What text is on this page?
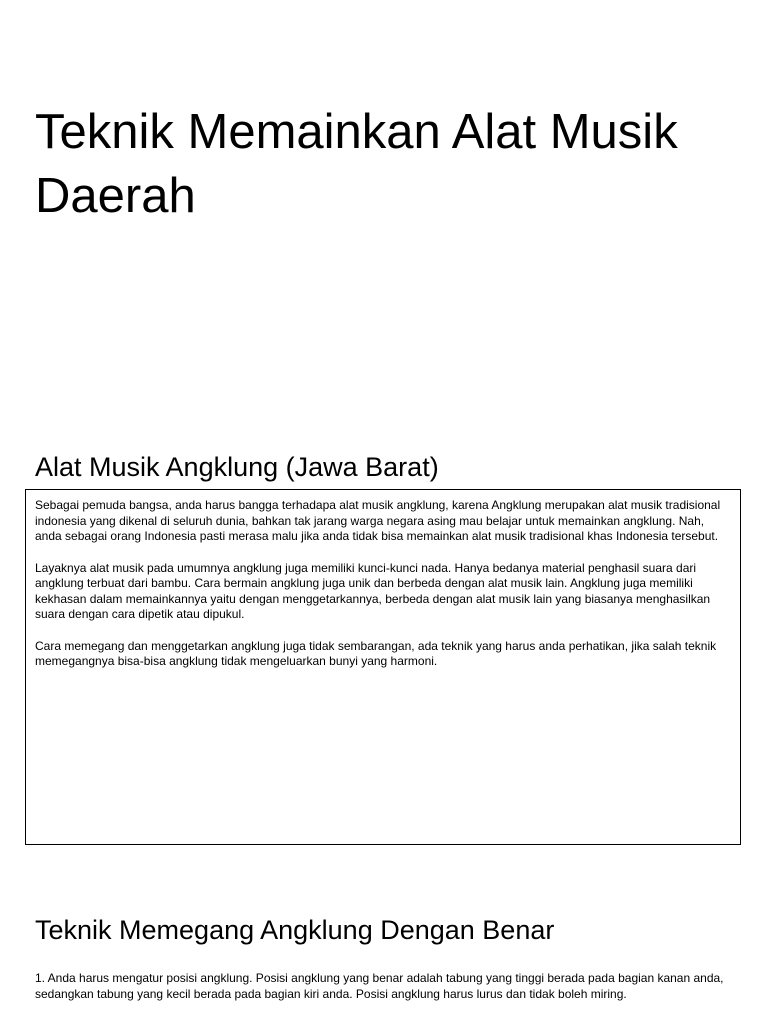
Teknik Memainkan Alat Musik Daerah
Alat Musik Angklung (Jawa Barat)

Sebagai pemuda bangsa, anda harus bangga terhadapa alat musik angklung, karena Angklung merupakan alat musik tradisional indonesia yang dikenal di seluruh dunia, bahkan tak jarang warga negara asing mau belajar untuk memainkan angklung. Nah, anda sebagai orang Indonesia pasti merasa malu jika anda tidak bisa memainkan alat musik tradisional khas Indonesia tersebut.

Layaknya alat musik pada umumnya angklung juga memiliki kunci-kunci nada. Hanya bedanya material penghasil suara dari angklung terbuat dari bambu. Cara bermain angklung juga unik dan berbeda dengan alat musik lain. Angklung juga memiliki kekhasan dalam memainkannya yaitu dengan menggetarkannya, berbeda dengan alat musik lain yang biasanya menghasilkan suara dengan cara dipetik atau dipukul.

Cara memegang dan menggetarkan angklung juga tidak sembarangan, ada teknik yang harus anda perhatikan, jika salah teknik memegangnya bisa-bisa angklung tidak mengeluarkan bunyi yang harmoni.

Teknik Memegang Angklung Dengan Benar

1. Anda harus mengatur posisi angklung. Posisi angklung yang benar adalah tabung yang tinggi berada pada bagian kanan anda, sedangkan tabung yang kecil berada pada bagian kiri anda. Posisi angklung harus lurus dan tidak boleh miring.
